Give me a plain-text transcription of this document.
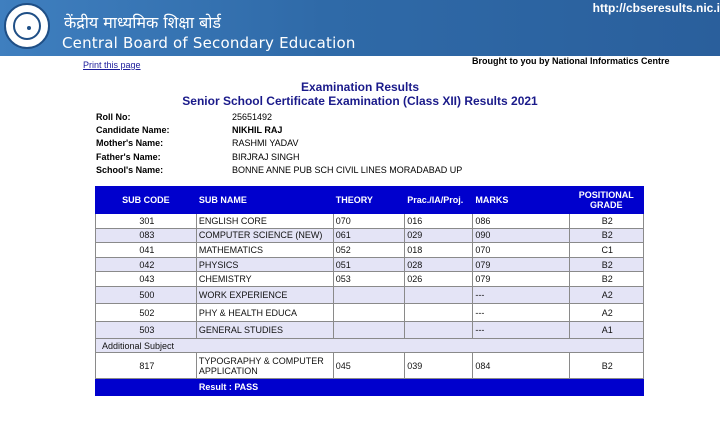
केंद्रीय माध्यमिक शिक्षा बोर्ड
Central Board of Secondary Education
http://cbseresults.nic.i
Print this page	Brought to you by National Informatics Centre
Examination Results
Senior School Certificate Examination (Class XII) Results 2021
Roll No:	25651492
Candidate Name:	NIKHIL RAJ
Mother's Name:	RASHMI YADAV
Father's Name:	BIRJRAJ SINGH
School's Name:	BONNE ANNE PUB SCH CIVIL LINES MORADABAD UP
SUB CODE	SUB NAME	THEORY	Prac./IA/Proj.	MARKS	POSITIONAL GRADE
301	ENGLISH CORE	070	016	086	B2
083	COMPUTER SCIENCE (NEW)	061	029	090	B2
041	MATHEMATICS	052	018	070	C1
042	PHYSICS	051	028	079	B2
043	CHEMISTRY	053	026	079	B2
500	WORK EXPERIENCE			---	A2
502	PHY & HEALTH EDUCA			---	A2
503	GENERAL STUDIES			---	A1
Additional Subject					
817	TYPOGRAPHY & COMPUTER APPLICATION	045	039	084	B2
	Result : PASS				
